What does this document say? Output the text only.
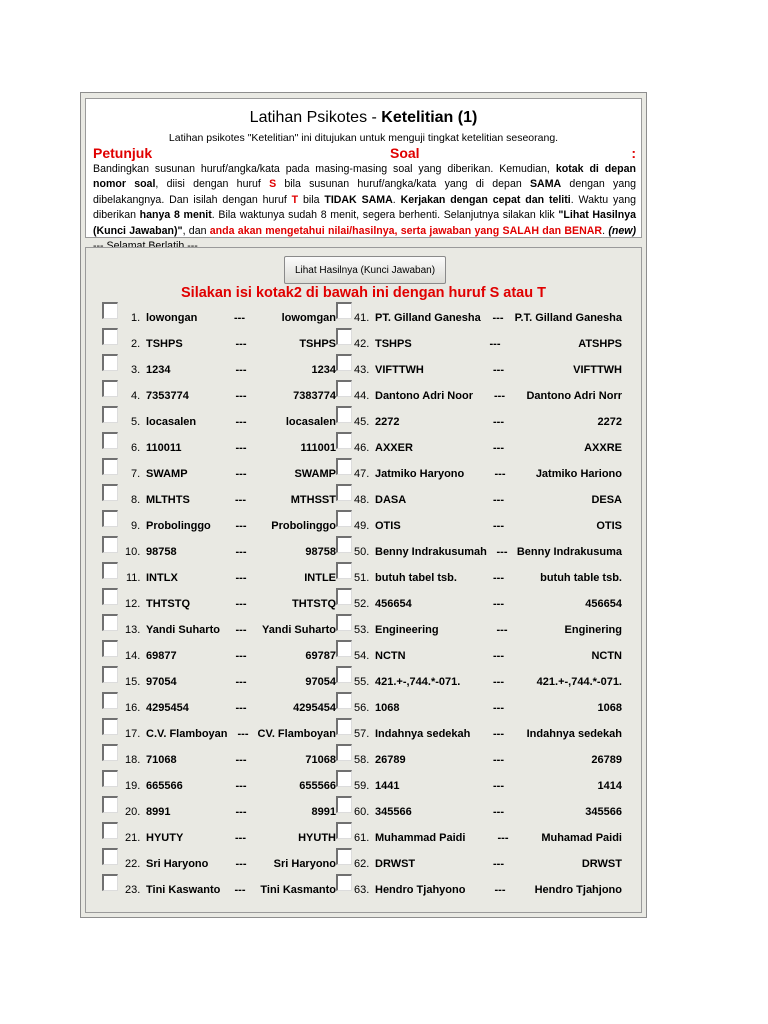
Latihan Psikotes - Ketelitian (1)
Latihan psikotes "Ketelitian" ini ditujukan untuk menguji tingkat ketelitian seseorang.
Petunjuk	Soal	:
Bandingkan susunan huruf/angka/kata pada masing-masing soal yang diberikan. Kemudian, kotak di depan nomor soal, diisi dengan huruf S bila susunan huruf/angka/kata yang di depan SAMA dengan yang dibelakangnya. Dan isilah dengan huruf T bila TIDAK SAMA. Kerjakan dengan cepat dan teliti. Waktu yang diberikan hanya 8 menit. Bila waktunya sudah 8 menit, segera berhenti. Selanjutnya silakan klik "Lihat Hasilnya (Kunci Jawaban)", dan anda akan mengetahui nilai/hasilnya, serta jawaban yang SALAH dan BENAR. (new)
Lihat Hasilnya (Kunci Jawaban)
Silakan isi kotak2 di bawah ini dengan huruf S atau T
1. lowongan	---	lowomgan
2. TSHPS	---	TSHPS
3. 1234	---	1234
4. 7353774	---	7383774
5. locasalen	---	locasalen
6. 110011	---	111001
7. SWAMP	---	SWAMP
8. MLTHTS	---	MTHSST
9. Probolinggo --- Probolinggo
10. 98758	---	98758
11. INTLX	---	INTLE
12. THTSTQ	---	THTSTQ
13. Yandi Suharto --- Yandi Suharto
14. 69877	---	69787
15. 97054	---	97054
16. 4295454	---	4295454
17. C.V. Flamboyan --- CV. Flamboyan
18. 71068	---	71068
19. 665566	---	655566
20. 8991	---	8991
21. HYUTY	---	HYUTH
22. Sri Haryono --- Sri Haryono
23. Tini Kaswanto --- Tini Kasmanto
41. PT. Gilland Ganesha --- P.T. Gilland Ganesha
42. TSHPS	---	ATSHPS
43. VIFTTWH	---	VIFTTWH
44. Dantono Adri Noor --- Dantono Adri Norr
45. 2272	---	2272
46. AXXER	---	AXXRE
47. Jatmiko Haryono	---	Jatmiko Hariono
48. DASA	---	DESA
49. OTIS	---	OTIS
50. Benny Indrakusumah --- Benny Indrakusuma
51. butuh tabel tsb.	---	butuh table tsb.
52. 456654	---	456654
53. Engineering	---	Enginering
54. NCTN	---	NCTN
55. 421.+-,744.*-071.	---	421.+-,744.*-071.
56. 1068	---	1068
57. Indahnya sedekah --- Indahnya sedekah
58. 26789	---	26789
59. 1441	---	1414
60. 345566	---	345566
61. Muhammad Paidi	---	Muhamad Paidi
62. DRWST	---	DRWST
63. Hendro Tjahyono	---	Hendro Tjahjono
